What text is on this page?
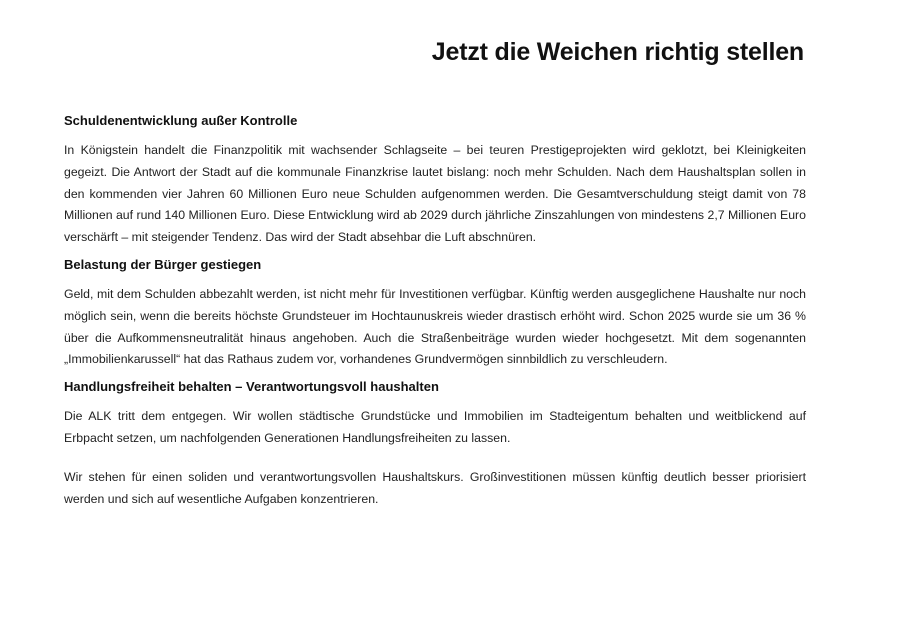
Jetzt die Weichen richtig stellen
Schuldenentwicklung außer Kontrolle

In Königstein handelt die Finanzpolitik mit wachsender Schlagseite – bei teuren Prestigeprojekten wird geklotzt, bei Kleinigkeiten gegeizt. Die Antwort der Stadt auf die kommunale Finanzkrise lautet bislang: noch mehr Schulden. Nach dem Haushaltsplan sollen in den kommenden vier Jahren 60 Millionen Euro neue Schulden aufgenommen werden. Die Gesamtverschuldung steigt damit von 78 Millionen auf rund 140 Millionen Euro. Diese Entwicklung wird ab 2029 durch jährliche Zinszahlungen von mindestens 2,7 Millionen Euro verschärft – mit steigender Tendenz. Das wird der Stadt absehbar die Luft abschnüren.

Belastung der Bürger gestiegen

Geld, mit dem Schulden abbezahlt werden, ist nicht mehr für Investitionen verfügbar. Künftig werden ausgeglichene Haushalte nur noch möglich sein, wenn die bereits höchste Grundsteuer im Hochtaunuskreis wieder drastisch erhöht wird. Schon 2025 wurde sie um 36 % über die Aufkommensneutralität hinaus angehoben. Auch die Straßenbeiträge wurden wieder hochgesetzt. Mit dem sogenannten „Immobilienkarussell“ hat das Rathaus zudem vor, vorhandenes Grundvermögen sinnbildlich zu verschleudern.

Handlungsfreiheit behalten – Verantwortungsvoll haushalten

Die ALK tritt dem entgegen. Wir wollen städtische Grundstücke und Immobilien im Stadteigentum behalten und weitblickend auf Erbpacht setzen, um nachfolgenden Generationen Handlungsfreiheiten zu lassen.

Wir stehen für einen soliden und verantwortungsvollen Haushaltskurs. Großinvestitionen müssen künftig deutlich besser priorisiert werden und sich auf wesentliche Aufgaben konzentrieren.
